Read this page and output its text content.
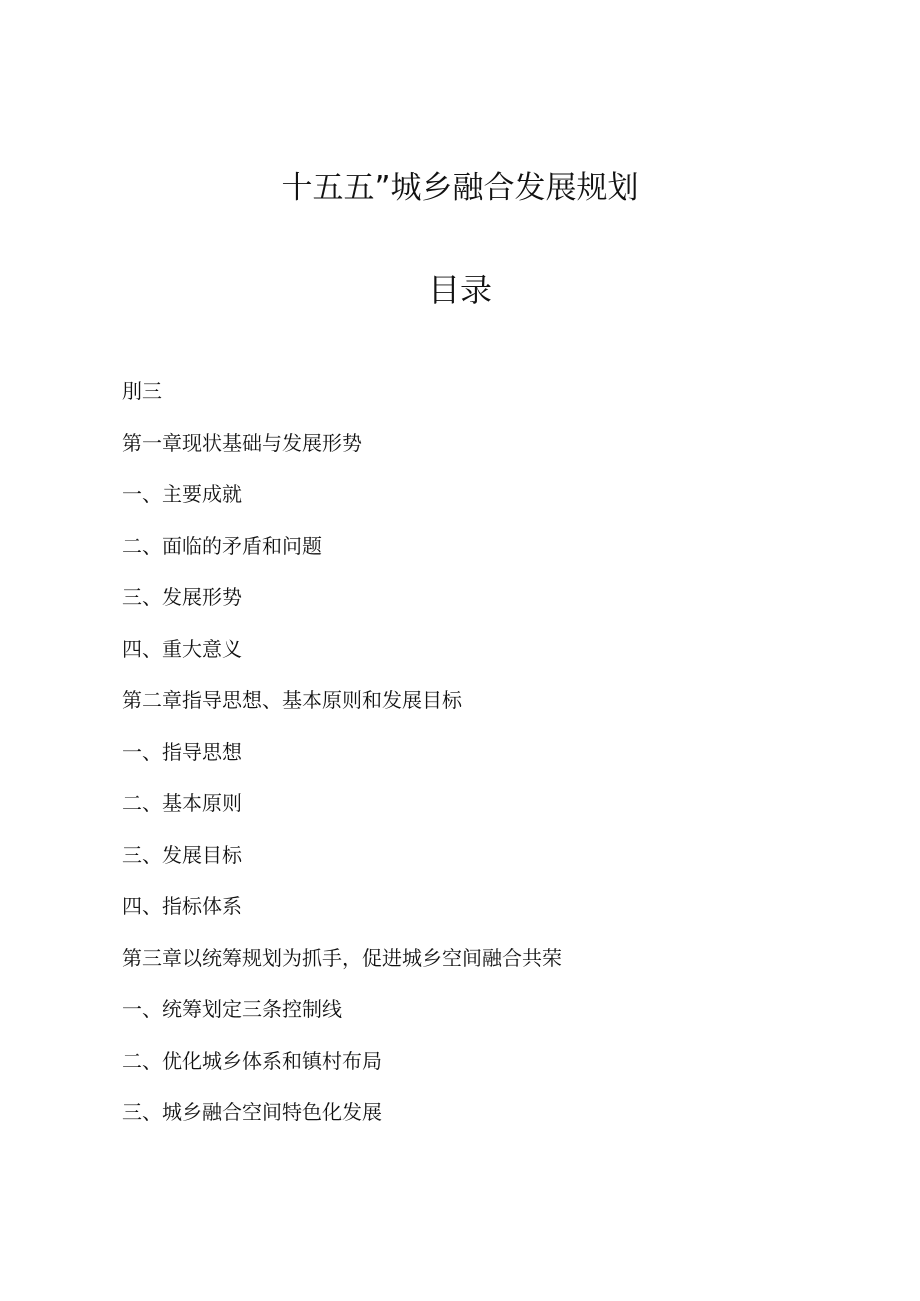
十五五”城乡融合发展规划
目录
刖三
第一章现状基础与发展形势
一、主要成就
二、面临的矛盾和问题
三、发展形势
四、重大意义
第二章指导思想、基本原则和发展目标
一、指导思想
二、基本原则
三、发展目标
四、指标体系
第三章以统筹规划为抓手，促进城乡空间融合共荣
一、统筹划定三条控制线
二、优化城乡体系和镇村布局
三、城乡融合空间特色化发展
